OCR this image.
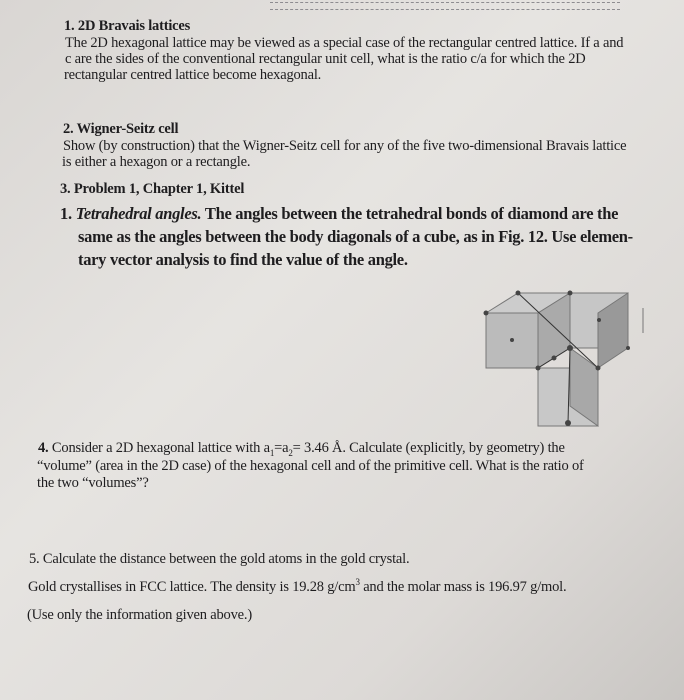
1. 2D Bravais lattices
The 2D hexagonal lattice may be viewed as a special case of the rectangular centred lattice. If a and
c are the sides of the conventional rectangular unit cell, what is the ratio c/a for which the 2D
rectangular centred lattice become hexagonal.
2. Wigner-Seitz cell
Show (by construction) that the Wigner-Seitz cell for any of the five two-dimensional Bravais lattice
is either a hexagon or a rectangle.
3. Problem 1, Chapter 1, Kittel
1. Tetrahedral angles. The angles between the tetrahedral bonds of diamond are the
same as the angles between the body diagonals of a cube, as in Fig. 12. Use elemen-
tary vector analysis to find the value of the angle.
4. Consider a 2D hexagonal lattice with $a_1=a_2= 3.46$ Å. Calculate (explicitly, by geometry) the
“volume” (area in the 2D case) of the hexagonal cell and of the primitive cell. What is the ratio of
the two “volumes”?
5. Calculate the distance between the gold atoms in the gold crystal.
Gold crystallises in FCC lattice. The density is 19.28 $g/cm^3$ and the molar mass is 196.97 g/mol.
(Use only the information given above.)
